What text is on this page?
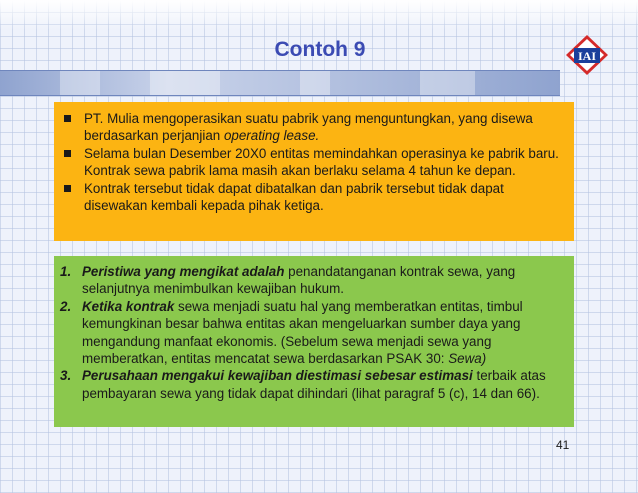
Contoh 9	IAI
PT. Mulia mengoperasikan suatu pabrik yang menguntungkan, yang disewa berdasarkan perjanjian operating lease.
Selama bulan Desember 20X0 entitas memindahkan operasinya ke pabrik baru. Kontrak sewa pabrik lama masih akan berlaku selama 4 tahun ke depan.
Kontrak tersebut tidak dapat dibatalkan dan pabrik tersebut tidak dapat disewakan kembali kepada pihak ketiga.
1. Peristiwa yang mengikat adalah penandatanganan kontrak sewa, yang selanjutnya menimbulkan kewajiban hukum.
2. Ketika kontrak sewa menjadi suatu hal yang memberatkan entitas, timbul kemungkinan besar bahwa entitas akan mengeluarkan sumber daya yang mengandung manfaat ekonomis. (Sebelum sewa menjadi sewa yang memberatkan, entitas mencatat sewa berdasarkan PSAK 30: Sewa)
3. Perusahaan mengakui kewajiban diestimasi sebesar estimasi terbaik atas pembayaran sewa yang tidak dapat dihindari (lihat paragraf 5 (c), 14 dan 66).
41
